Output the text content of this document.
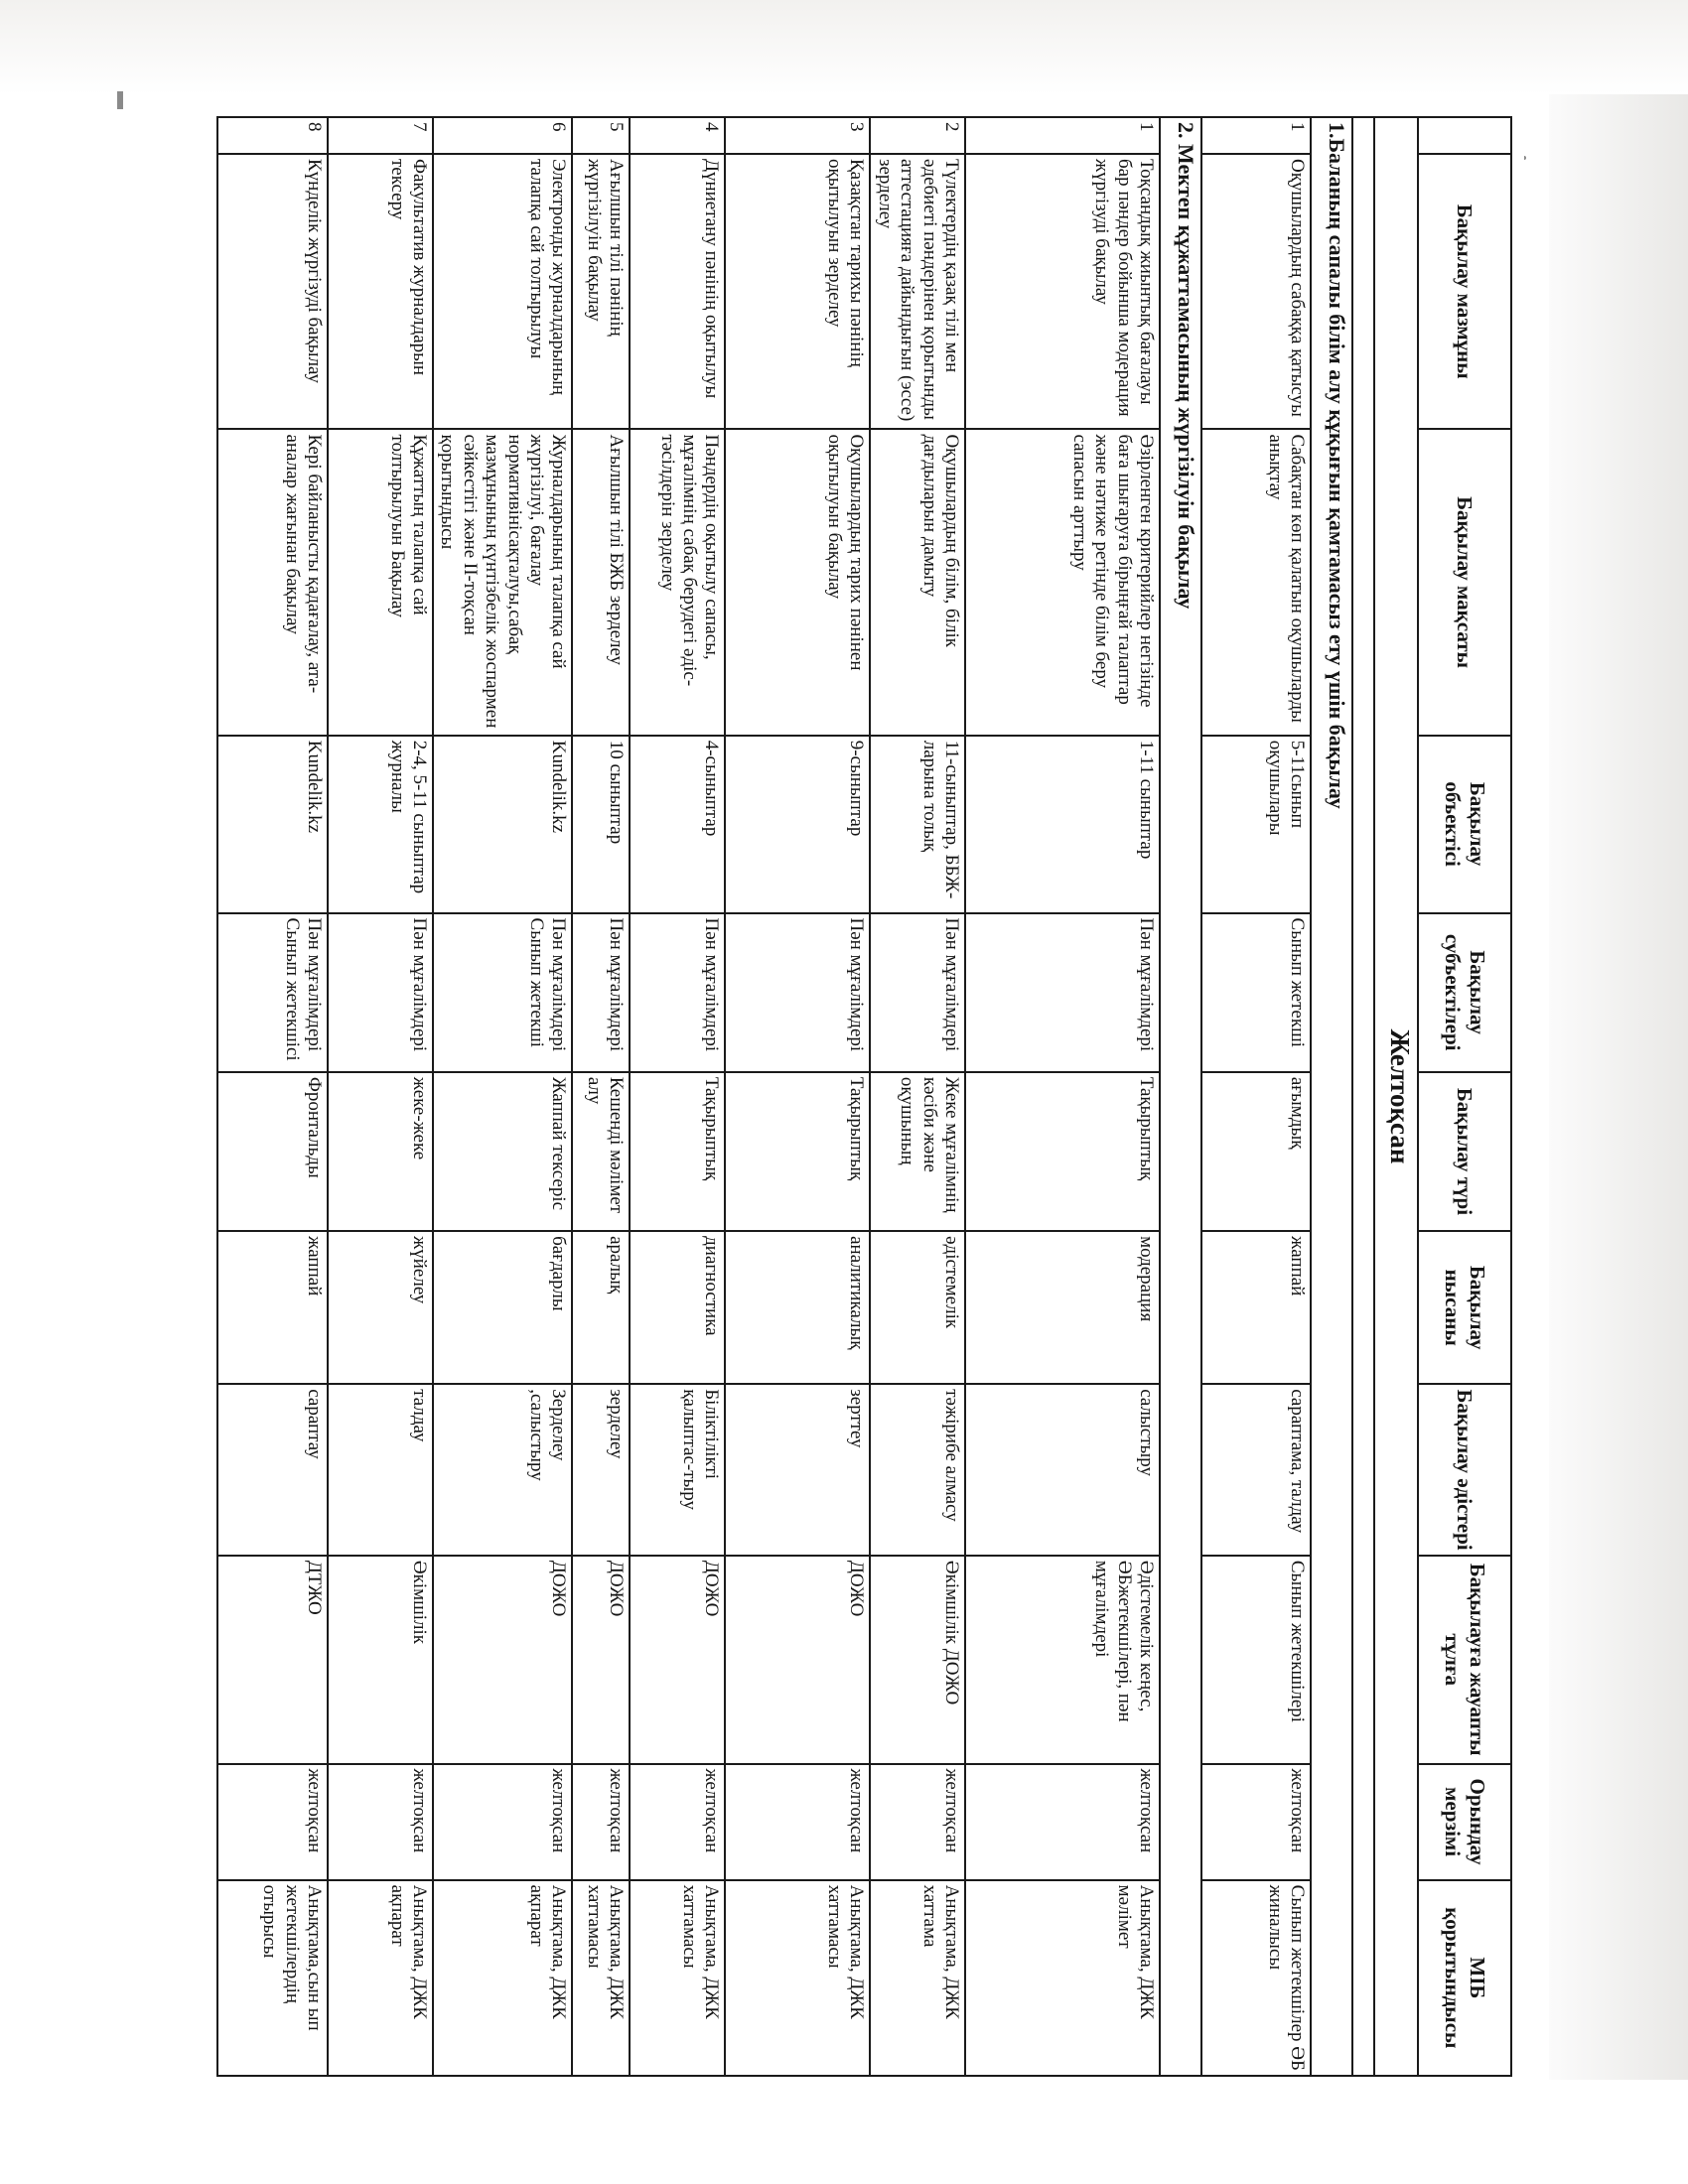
	Бақылау мазмұны	Бақылау мақсаты	Бақылау объектісі	Бақылау субъектілері	Бақылау түрі	Бақылау нысаны	Бақылау әдістері	Бақылауға жауапты тұлға	Орындау мерзімі	МІБ қорытындысы
Желтоқсан										

1.Баланың сапалы білім алу құқығын қамтамасыз ету үшін бақылау										
1	Оқушылардың сабаққа қатысуы	Сабақтан көп қалатын оқушыларды анықтау	5-11сынып оқушылары	Сынып жетекші	ағымдық	жаппай	сараптама, талдау	Сынып жетекшілері	желтоқсан	Сынып жетекшілер ӘБ жиналысы
2. Мектеп құжаттамасының жүргізілуін бақылау										
1	Тоқсандық жиынтық бағалауы бар пәндер бойынша модерация жүргізуді бақылау	Әзірленген критерийлер негізінде баға шығаруға бірыңғай талаптар және нәтиже ретінде білім беру сапасын арттыру	1-11 сыныптар	Пән мұғалімдері	Тақырыптық	модерация	салыстыру	Әдістемелік кеңес, ӘБжетекшілері, пән мұғалімдері	желтоқсан	Анықтама, ДЖК мәлімет
2	Түлектердің қазақ тілі мен әдебиеті пәндерінен қорытынды аттестацияға дайындығын (эссе) зерделеу	Оқушылардың білім, білік дағдыларын дамыту	11-сыныптар, ББЖ-ларына толық	Пән мұғалімдері	Жеке мұғалімнің кәсіби және оқушының	әдістемелік	тәжірибе алмасу	Әкімшілік ДОЖО	желтоқсан	Анықтама, ДЖК хаттама
3	Қазақстан тарихы пәнінің оқытылуын зерделеу	Оқушылардың тарих пәнінен оқытылуын бақылау	9-сыныптар	Пән мұғалімдері	Тақырыптық	аналитикалық	зерттеу	ДОЖО	желтоқсан	Анықтама, ДЖК хаттамасы
4	Дүниетану пәнінің оқытылуы	Пәндердің оқытылу сапасы, мұғалімнің сабақ берудегі әдіс-тәсілдерін зерделеу	4-сыныптар	Пән мұғалімдері	Тақырыптық	диагностика	Біліктілікті қалыптас-тыру	ДОЖО	желтоқсан	Анықтама, ДЖК хаттамасы
5	Ағылшын тілі пәнінің жүргізілуін бақылау	Ағылшын тілі БЖБ зерделеу	10 сыныптар	Пән мұғалімдері	Кешенді мәлімет алу	аралық	зерделеу	ДОЖО	желтоқсан	Анықтама, ДЖК хаттамасы
6	Электронды журналдарының талапқа сай толтырылуы	Журналдарының талапқа сай жүргізілуі, бағалау нормативінісақталуы,сабақ мазмұнының күнтізбелік жоспармен сәйкестігі және II-тоқсан қорытындысы	Kundelik.kz	Пән мұғалімдері Сынып жетекші	Жаппай тексеріс	бағдарлы	Зерделеу ,салыстыру	ДОЖО	желтоқсан	Анықтама, ДЖК ақпарат
7	Факультатив журналдарын тексеру	Құжаттың талапқа сай толтырылуын Бақылау	2-4, 5-11 сыныптар журналы	Пән мұғалімдері	жеке-жеке	жүйелеу	талдау	Әкімшілік	желтоқсан	Анықтама, ДЖК ақпарат
8	Күнделік жүргізуді бақылау	Кері байланысты қадағалау, ата- аналар жағынан бақылау	Kundelik.kz	Пән мұғалімдері Сынып жетекшісі	Фронтальды	жаппай	сараптау	ДТЖО	желтоқсан	Анықтама,сын ып жетекшілердің отырысы
